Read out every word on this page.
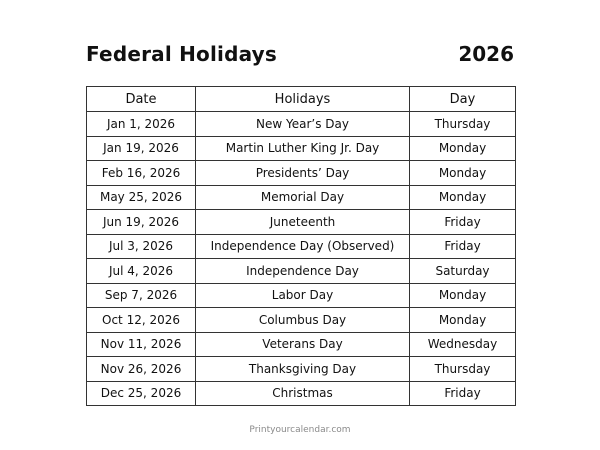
Federal Holidays	2026
Date	Holidays	Day
Jan 1, 2026	New Year’s Day	Thursday
Jan 19, 2026	Martin Luther King Jr. Day	Monday
Feb 16, 2026	Presidents’ Day	Monday
May 25, 2026	Memorial Day	Monday
Jun 19, 2026	Juneteenth	Friday
Jul 3, 2026	Independence Day (Observed)	Friday
Jul 4, 2026	Independence Day	Saturday
Sep 7, 2026	Labor Day	Monday
Oct 12, 2026	Columbus Day	Monday
Nov 11, 2026	Veterans Day	Wednesday
Nov 26, 2026	Thanksgiving Day	Thursday
Dec 25, 2026	Christmas	Friday
Printyourcalendar.com
